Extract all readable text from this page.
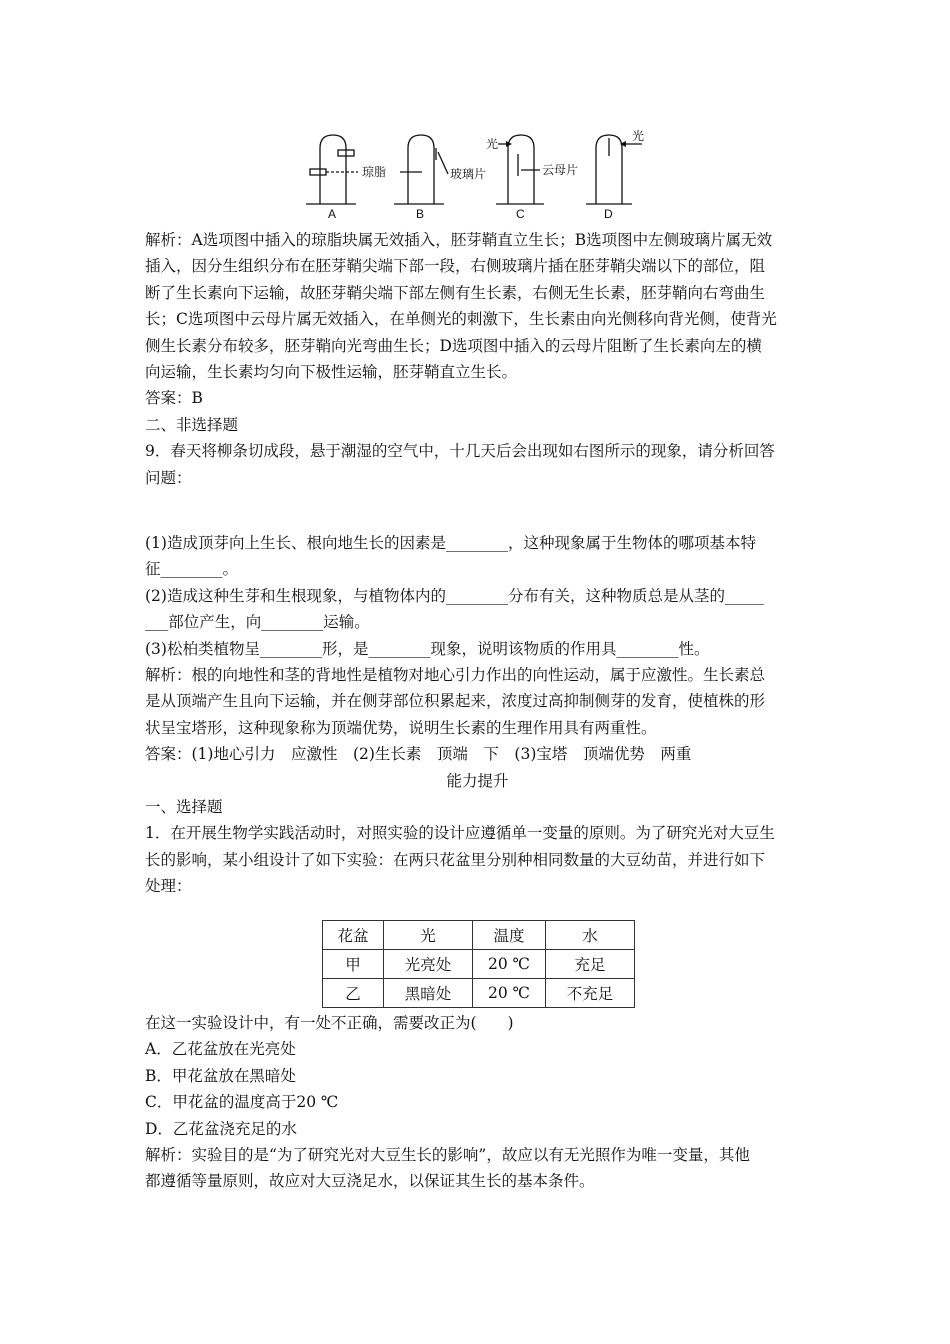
琼脂	玻璃片	云母片
光
光
A	B	C	D

解析：A选项图中插入的琼脂块属无效插入，胚芽鞘直立生长；B选项图中左侧玻璃片属无效

插入，因分生组织分布在胚芽鞘尖端下部一段，右侧玻璃片插在胚芽鞘尖端以下的部位，阻

断了生长素向下运输，故胚芽鞘尖端下部左侧有生长素，右侧无生长素，胚芽鞘向右弯曲生

长；C选项图中云母片属无效插入，在单侧光的刺激下，生长素由向光侧移向背光侧，使背光

侧生长素分布较多，胚芽鞘向光弯曲生长；D选项图中插入的云母片阻断了生长素向左的横

向运输，生长素均匀向下极性运输，胚芽鞘直立生长。

答案：B

二、非选择题

9．春天将柳条切成段，悬于潮湿的空气中，十几天后会出现如右图所示的现象，请分析回答

问题：

(1)造成顶芽向上生长、根向地生长的因素是________，这种现象属于生物体的哪项基本特

征________。

(2)造成这种生芽和生根现象，与植物体内的________分布有关，这种物质总是从茎的_____

___部位产生，向________运输。

(3)松柏类植物呈________形，是________现象，说明该物质的作用具________性。

解析：根的向地性和茎的背地性是植物对地心引力作出的向性运动，属于应激性。生长素总

是从顶端产生且向下运输，并在侧芽部位积累起来，浓度过高抑制侧芽的发育，使植株的形

状呈宝塔形，这种现象称为顶端优势，说明生长素的生理作用具有两重性。

答案：(1)地心引力　应激性　(2)生长素　顶端　下　(3)宝塔　顶端优势　两重

能力提升

一、选择题

1．在开展生物学实践活动时，对照实验的设计应遵循单一变量的原则。为了研究光对大豆生

长的影响，某小组设计了如下实验：在两只花盆里分别种相同数量的大豆幼苗，并进行如下

处理：

花盆	光	温度	水
甲	光亮处	20 ℃	充足
乙	黑暗处	20 ℃	不充足

在这一实验设计中，有一处不正确，需要改正为(　　)

A．乙花盆放在光亮处

B．甲花盆放在黑暗处

C．甲花盆的温度高于20 ℃

D．乙花盆浇充足的水

解析：实验目的是“为了研究光对大豆生长的影响”，故应以有无光照作为唯一变量，其他

都遵循等量原则，故应对大豆浇足水，以保证其生长的基本条件。
